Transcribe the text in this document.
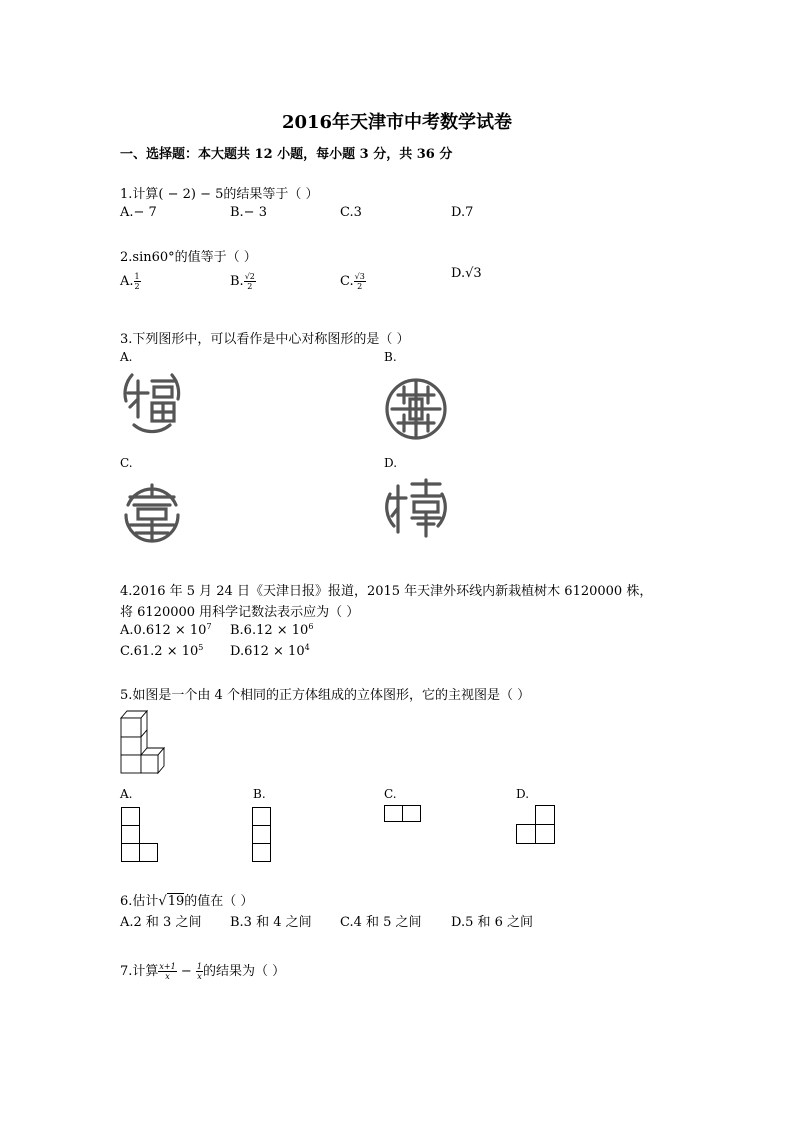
2016年天津市中考数学试卷
一、选择题：本大题共 12 小题，每小题 3 分，共 36 分
1.计算( − 2) − 5的结果等于（ ）
A.− 7	B.− 3	C.3	D.7
2.sin60°的值等于（ ）
A. $\frac{1}{2}$	B. $\frac{√2}{2}$	C. $\frac{√3}{2}$	D.√3
3.下列图形中，可以看作是中心对称图形的是（ ）
A.	B.
C.	D.
4.2016 年 5 月 24 日《天津日报》报道，2015 年天津外环线内新栽植树木 6120000 株，
将 6120000 用科学记数法表示应为（ ）
$A.0.612 \times 10^7$ $B.6.12 \times 10^6$
$C.61.2 \times 10^5$ $D.612 \times 10^4$
5.如图是一个由 4 个相同的正方体组成的立体图形，它的主视图是（ ）
A.	B.	C.	D.
6.估计√19的值在（ ）
A.2 和 3 之间 B.3 和 4 之间 C.4 和 5 之间 D.5 和 6 之间
7.计算 $\frac{x+1}{x} - \frac{1}{x}$ 的结果为（ ）
